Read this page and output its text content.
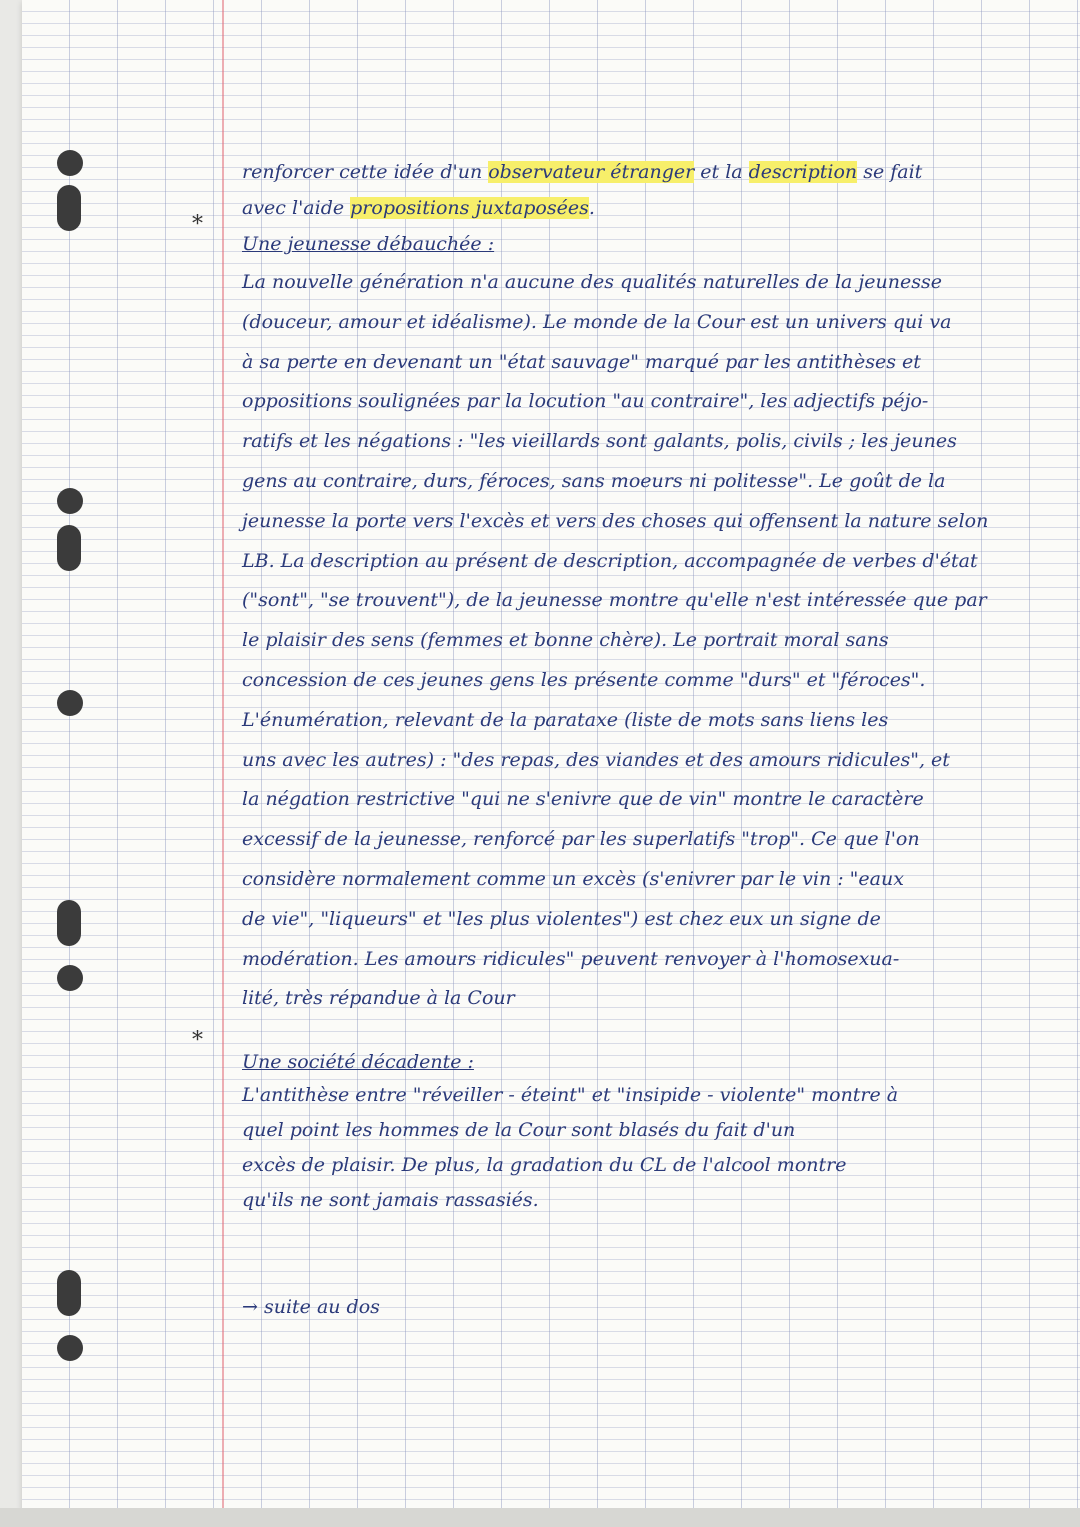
renforcer cette idée d'un observateur étranger et la description se fait
avec l'aide propositions juxtaposées.
*
Une jeunesse débauchée :
La nouvelle génération n'a aucune des qualités naturelles de la jeunesse
(douceur, amour et idéalisme). Le monde de la Cour est un univers qui va
à sa perte en devenant un "état sauvage" marqué par les antithèses et
oppositions soulignées par la locution "au contraire", les adjectifs péjo-
ratifs et les négations : "les vieillards sont galants, polis, civils ; les jeunes
gens au contraire, durs, féroces, sans moeurs ni politesse". Le goût de la
jeunesse la porte vers l'excès et vers des choses qui offensent la nature selon
LB. La description au présent de description, accompagnée de verbes d'état
("sont", "se trouvent"), de la jeunesse montre qu'elle n'est intéressée que par
le plaisir des sens (femmes et bonne chère). Le portrait moral sans
concession de ces jeunes gens les présente comme "durs" et "féroces".
L'énumération, relevant de la parataxe (liste de mots sans liens les
uns avec les autres) : "des repas, des viandes et des amours ridicules", et
la négation restrictive "qui ne s'enivre que de vin" montre le caractère
excessif de la jeunesse, renforcé par les superlatifs "trop". Ce que l'on
considère normalement comme un excès (s'enivrer par le vin : "eaux
de vie", "liqueurs" et "les plus violentes") est chez eux un signe de
modération. Les amours ridicules" peuvent renvoyer à l'homosexua-
lité, très répandue à la Cour
*
Une société décadente :
L'antithèse entre "réveiller - éteint" et "insipide - violente" montre à
quel point les hommes de la Cour sont blasés du fait d'un
excès de plaisir. De plus, la gradation du CL de l'alcool montre
qu'ils ne sont jamais rassasiés.
→ suite au dos
